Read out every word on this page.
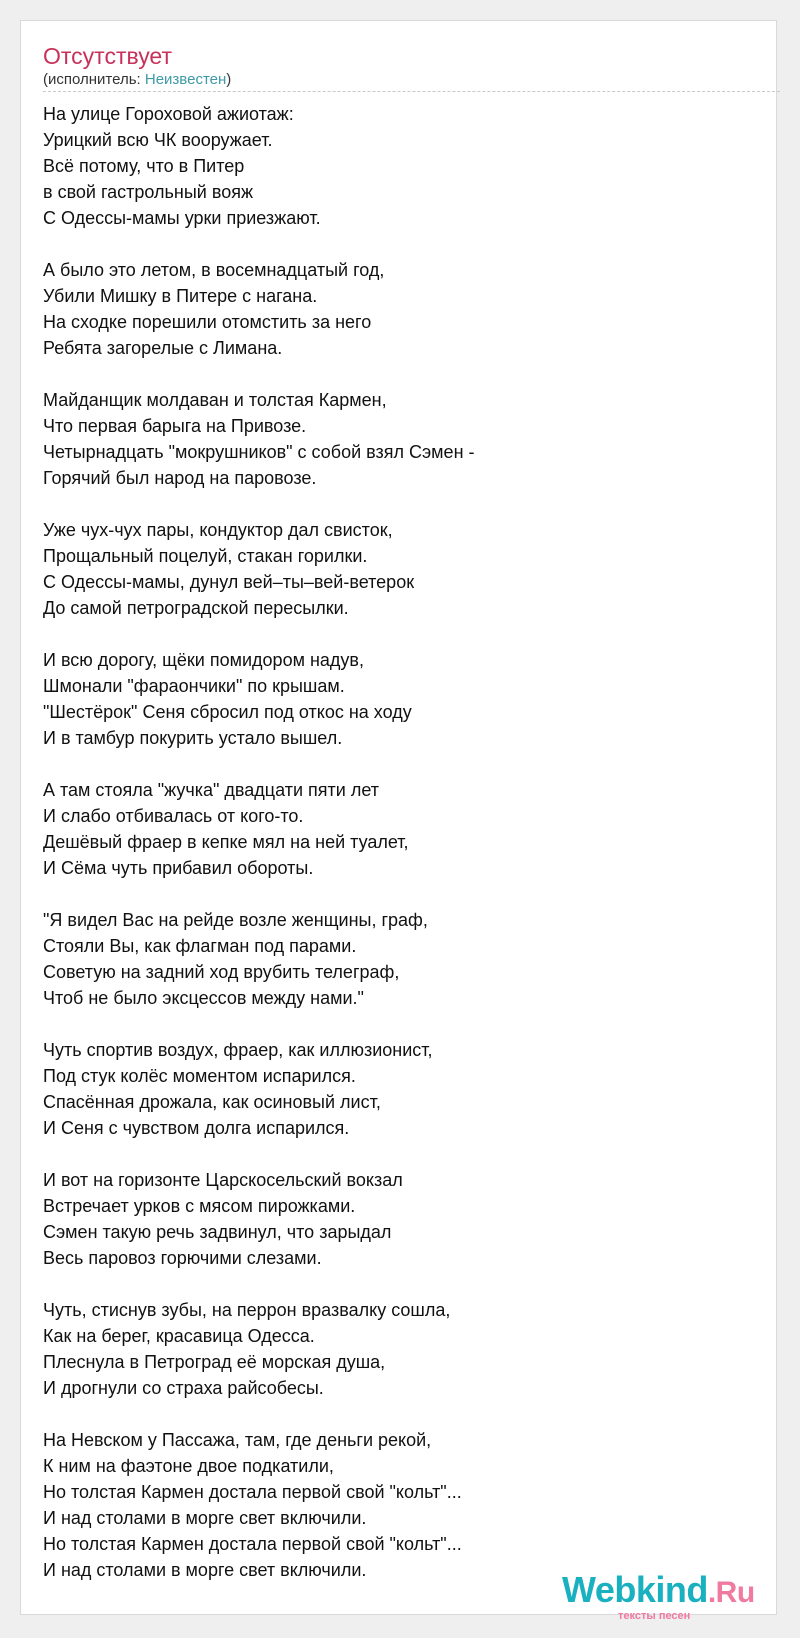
Отсутствует
(исполнитель: Неизвестен)
На улице Гороховой ажиотаж:
Урицкий всю ЧК вооружает.
Всё потому, что в Питер
в свой гастрольный вояж
С Одессы-мамы урки приезжают.
А было это летом, в восемнадцатый год,
Убили Мишку в Питере с нагана.
На сходке порешили отомстить за него
Ребята загорелые с Лимана.
Майданщик молдаван и толстая Кармен,
Что первая барыга на Привозе.
Четырнадцать "мокрушников" с собой взял Сэмен -
Горячий был народ на паровозе.
Уже чух-чух пары, кондуктор дал свисток,
Прощальный поцелуй, стакан горилки.
С Одессы-мамы, дунул вей–ты–вей-ветерок
До самой петроградской пересылки.
И всю дорогу, щёки помидором надув,
Шмонали "фараончики" по крышам.
"Шестёрок" Сеня сбросил под откос на ходу
И в тамбур покурить устало вышел.
А там стояла "жучка" двадцати пяти лет
И слабо отбивалась от кого-то.
Дешёвый фраер в кепке мял на ней туалет,
И Сёма чуть прибавил обороты.
"Я видел Вас на рейде возле женщины, граф,
Стояли Вы, как флагман под парами.
Советую на задний ход врубить телеграф,
Чтоб не было эксцессов между нами."
Чуть спортив воздух, фраер, как иллюзионист,
Под стук колёс моментом испарился.
Спасённая дрожала, как осиновый лист,
И Сеня с чувством долга испарился.
И вот на горизонте Царскосельский вокзал
Встречает урков с мясом пирожками.
Сэмен такую речь задвинул, что зарыдал
Весь паровоз горючими слезами.
Чуть, стиснув зубы, на перрон вразвалку сошла,
Как на берег, красавица Одесса.
Плеснула в Петроград её морская душа,
И дрогнули со страха райсобесы.
На Невском у Пассажа, там, где деньги рекой,
К ним на фаэтоне двое подкатили,
Но толстая Кармен достала первой свой "кольт"...
И над столами в морге свет включили.
Но толстая Кармен достала первой свой "кольт"...
И над столами в морге свет включили.	Webkind.Ru
тексты песен
